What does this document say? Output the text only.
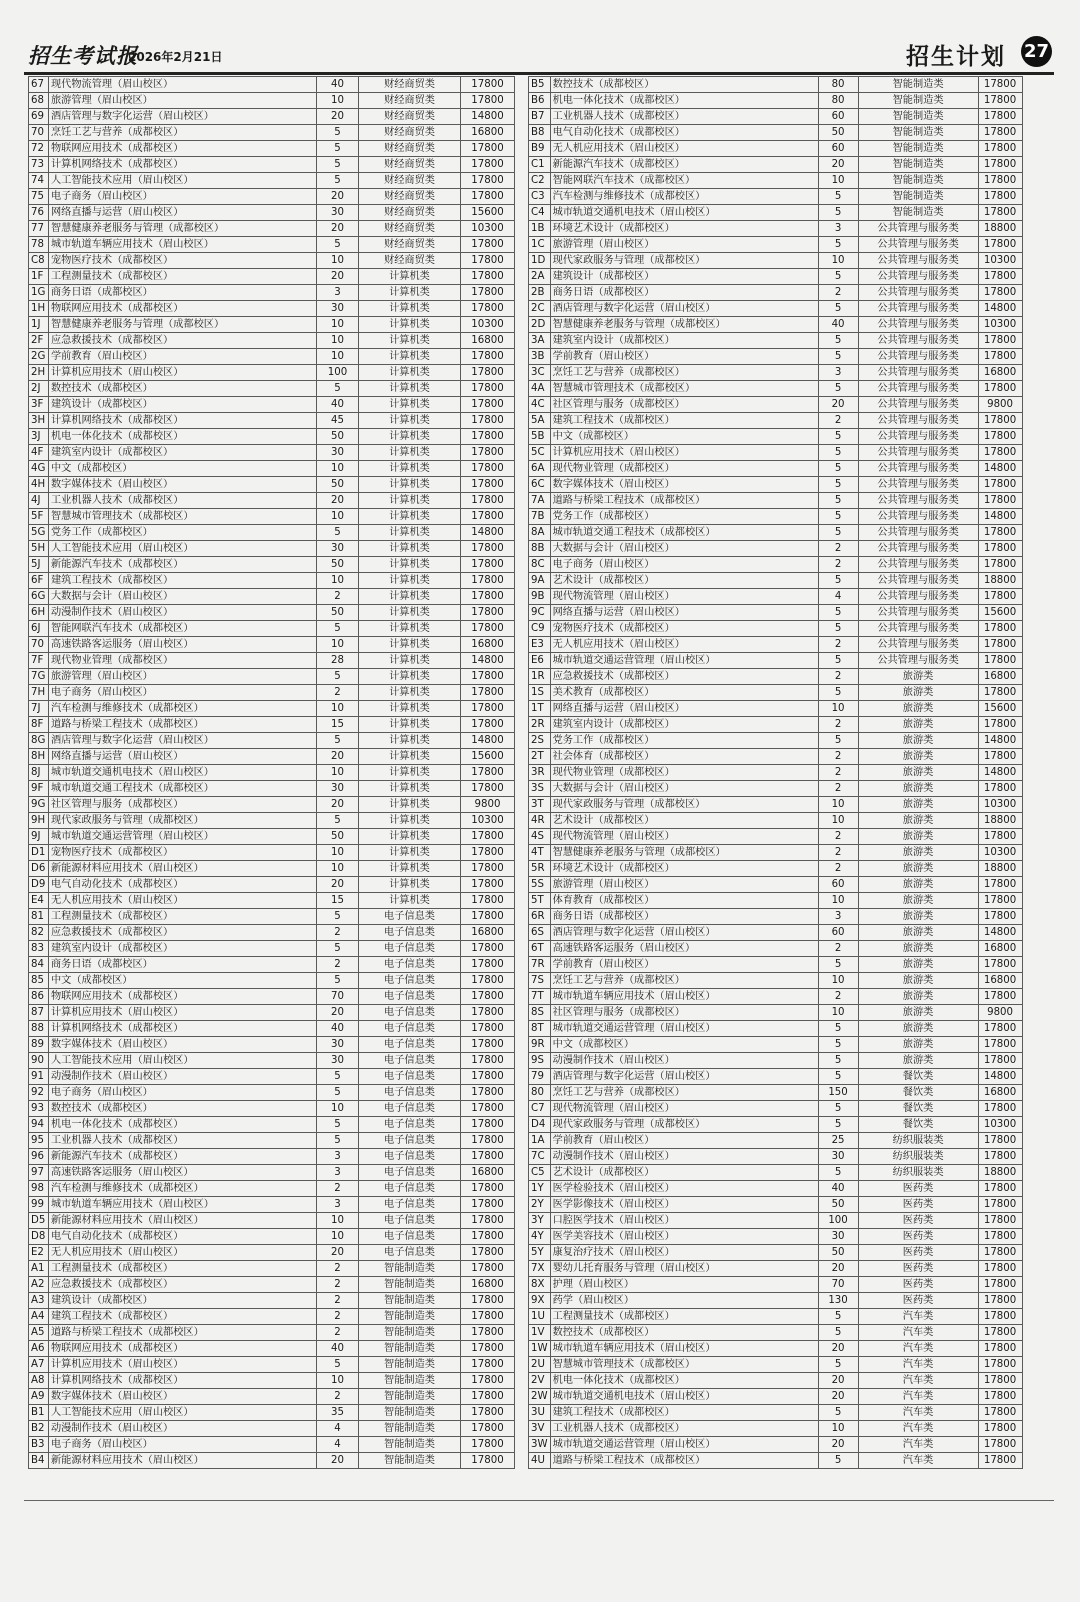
招生考试报
2026年2月21日	招生计划 27
67	现代物流管理（眉山校区）	40	财经商贸类	17800
68	旅游管理（眉山校区）	10	财经商贸类	17800
69	酒店管理与数字化运营（眉山校区）	20	财经商贸类	14800
70	烹饪工艺与营养（成都校区）	5	财经商贸类	16800
72	物联网应用技术（成都校区）	5	财经商贸类	17800
73	计算机网络技术（成都校区）	5	财经商贸类	17800
74	人工智能技术应用（眉山校区）	5	财经商贸类	17800
75	电子商务（眉山校区）	20	财经商贸类	17800
76	网络直播与运营（眉山校区）	30	财经商贸类	15600
77	智慧健康养老服务与管理（成都校区）	20	财经商贸类	10300
78	城市轨道车辆应用技术（眉山校区）	5	财经商贸类	17800
C8	宠物医疗技术（成都校区）	10	财经商贸类	17800
1F	工程测量技术（成都校区）	20	计算机类	17800
1G	商务日语（成都校区）	3	计算机类	17800
1H	物联网应用技术（成都校区）	30	计算机类	17800
1J	智慧健康养老服务与管理（成都校区）	10	计算机类	10300
2F	应急救援技术（成都校区）	10	计算机类	16800
2G	学前教育（眉山校区）	10	计算机类	17800
2H	计算机应用技术（眉山校区）	100	计算机类	17800
2J	数控技术（成都校区）	5	计算机类	17800
3F	建筑设计（成都校区）	40	计算机类	17800
3H	计算机网络技术（成都校区）	45	计算机类	17800
3J	机电一体化技术（成都校区）	50	计算机类	17800
4F	建筑室内设计（成都校区）	30	计算机类	17800
4G	中文（成都校区）	10	计算机类	17800
4H	数字媒体技术（眉山校区）	50	计算机类	17800
4J	工业机器人技术（成都校区）	20	计算机类	17800
5F	智慧城市管理技术（成都校区）	10	计算机类	17800
5G	党务工作（成都校区）	5	计算机类	14800
5H	人工智能技术应用（眉山校区）	30	计算机类	17800
5J	新能源汽车技术（成都校区）	50	计算机类	17800
6F	建筑工程技术（成都校区）	10	计算机类	17800
6G	大数据与会计（眉山校区）	2	计算机类	17800
6H	动漫制作技术（眉山校区）	50	计算机类	17800
6J	智能网联汽车技术（成都校区）	5	计算机类	17800
70	高速铁路客运服务（眉山校区）	10	计算机类	16800
7F	现代物业管理（成都校区）	28	计算机类	14800
7G	旅游管理（眉山校区）	5	计算机类	17800
7H	电子商务（眉山校区）	2	计算机类	17800
7J	汽车检测与维修技术（成都校区）	10	计算机类	17800
8F	道路与桥梁工程技术（成都校区）	15	计算机类	17800
8G	酒店管理与数字化运营（眉山校区）	5	计算机类	14800
8H	网络直播与运营（眉山校区）	20	计算机类	15600
8J	城市轨道交通机电技术（眉山校区）	10	计算机类	17800
9F	城市轨道交通工程技术（成都校区）	30	计算机类	17800
9G	社区管理与服务（成都校区）	20	计算机类	9800
9H	现代家政服务与管理（成都校区）	5	计算机类	10300
9J	城市轨道交通运营管理（眉山校区）	50	计算机类	17800
D1	宠物医疗技术（成都校区）	10	计算机类	17800
D6	新能源材料应用技术（眉山校区）	10	计算机类	17800
D9	电气自动化技术（成都校区）	20	计算机类	17800
E4	无人机应用技术（眉山校区）	15	计算机类	17800
81	工程测量技术（成都校区）	5	电子信息类	17800
82	应急救援技术（成都校区）	2	电子信息类	16800
83	建筑室内设计（成都校区）	5	电子信息类	17800
84	商务日语（成都校区）	2	电子信息类	17800
85	中文（成都校区）	5	电子信息类	17800
86	物联网应用技术（成都校区）	70	电子信息类	17800
87	计算机应用技术（眉山校区）	20	电子信息类	17800
88	计算机网络技术（成都校区）	40	电子信息类	17800
89	数字媒体技术（眉山校区）	30	电子信息类	17800
90	人工智能技术应用（眉山校区）	30	电子信息类	17800
91	动漫制作技术（眉山校区）	5	电子信息类	17800
92	电子商务（眉山校区）	5	电子信息类	17800
93	数控技术（成都校区）	10	电子信息类	17800
94	机电一体化技术（成都校区）	5	电子信息类	17800
95	工业机器人技术（成都校区）	5	电子信息类	17800
96	新能源汽车技术（成都校区）	3	电子信息类	17800
97	高速铁路客运服务（眉山校区）	3	电子信息类	16800
98	汽车检测与维修技术（成都校区）	2	电子信息类	17800
99	城市轨道车辆应用技术（眉山校区）	3	电子信息类	17800
D5	新能源材料应用技术（眉山校区）	10	电子信息类	17800
D8	电气自动化技术（成都校区）	10	电子信息类	17800
E2	无人机应用技术（眉山校区）	20	电子信息类	17800
A1	工程测量技术（成都校区）	2	智能制造类	17800
A2	应急救援技术（成都校区）	2	智能制造类	16800
A3	建筑设计（成都校区）	2	智能制造类	17800
A4	建筑工程技术（成都校区）	2	智能制造类	17800
A5	道路与桥梁工程技术（成都校区）	2	智能制造类	17800
A6	物联网应用技术（成都校区）	40	智能制造类	17800
A7	计算机应用技术（眉山校区）	5	智能制造类	17800
A8	计算机网络技术（成都校区）	10	智能制造类	17800
A9	数字媒体技术（眉山校区）	2	智能制造类	17800
B1	人工智能技术应用（眉山校区）	35	智能制造类	17800
B2	动漫制作技术（眉山校区）	4	智能制造类	17800
B3	电子商务（眉山校区）	4	智能制造类	17800
B4	新能源材料应用技术（眉山校区）	20	智能制造类	17800
B5	数控技术（成都校区）	80	智能制造类	17800
B6	机电一体化技术（成都校区）	80	智能制造类	17800
B7	工业机器人技术（成都校区）	60	智能制造类	17800
B8	电气自动化技术（成都校区）	50	智能制造类	17800
B9	无人机应用技术（眉山校区）	60	智能制造类	17800
C1	新能源汽车技术（成都校区）	20	智能制造类	17800
C2	智能网联汽车技术（成都校区）	10	智能制造类	17800
C3	汽车检测与维修技术（成都校区）	5	智能制造类	17800
C4	城市轨道交通机电技术（眉山校区）	5	智能制造类	17800
1B	环境艺术设计（成都校区）	3	公共管理与服务类	18800
1C	旅游管理（眉山校区）	5	公共管理与服务类	17800
1D	现代家政服务与管理（成都校区）	10	公共管理与服务类	10300
2A	建筑设计（成都校区）	5	公共管理与服务类	17800
2B	商务日语（成都校区）	2	公共管理与服务类	17800
2C	酒店管理与数字化运营（眉山校区）	5	公共管理与服务类	14800
2D	智慧健康养老服务与管理（成都校区）	40	公共管理与服务类	10300
3A	建筑室内设计（成都校区）	5	公共管理与服务类	17800
3B	学前教育（眉山校区）	5	公共管理与服务类	17800
3C	烹饪工艺与营养（成都校区）	3	公共管理与服务类	16800
4A	智慧城市管理技术（成都校区）	5	公共管理与服务类	17800
4C	社区管理与服务（成都校区）	20	公共管理与服务类	9800
5A	建筑工程技术（成都校区）	2	公共管理与服务类	17800
5B	中文（成都校区）	5	公共管理与服务类	17800
5C	计算机应用技术（眉山校区）	5	公共管理与服务类	17800
6A	现代物业管理（成都校区）	5	公共管理与服务类	14800
6C	数字媒体技术（眉山校区）	5	公共管理与服务类	17800
7A	道路与桥梁工程技术（成都校区）	5	公共管理与服务类	17800
7B	党务工作（成都校区）	5	公共管理与服务类	14800
8A	城市轨道交通工程技术（成都校区）	5	公共管理与服务类	17800
8B	大数据与会计（眉山校区）	2	公共管理与服务类	17800
8C	电子商务（眉山校区）	2	公共管理与服务类	17800
9A	艺术设计（成都校区）	5	公共管理与服务类	18800
9B	现代物流管理（眉山校区）	4	公共管理与服务类	17800
9C	网络直播与运营（眉山校区）	5	公共管理与服务类	15600
C9	宠物医疗技术（成都校区）	5	公共管理与服务类	17800
E3	无人机应用技术（眉山校区）	2	公共管理与服务类	17800
E6	城市轨道交通运营管理（眉山校区）	5	公共管理与服务类	17800
1R	应急救援技术（成都校区）	2	旅游类	16800
1S	美术教育（成都校区）	5	旅游类	17800
1T	网络直播与运营（眉山校区）	10	旅游类	15600
2R	建筑室内设计（成都校区）	2	旅游类	17800
2S	党务工作（成都校区）	5	旅游类	14800
2T	社会体育（成都校区）	2	旅游类	17800
3R	现代物业管理（成都校区）	2	旅游类	14800
3S	大数据与会计（眉山校区）	2	旅游类	17800
3T	现代家政服务与管理（成都校区）	10	旅游类	10300
4R	艺术设计（成都校区）	10	旅游类	18800
4S	现代物流管理（眉山校区）	2	旅游类	17800
4T	智慧健康养老服务与管理（成都校区）	2	旅游类	10300
5R	环境艺术设计（成都校区）	2	旅游类	18800
5S	旅游管理（眉山校区）	60	旅游类	17800
5T	体育教育（成都校区）	10	旅游类	17800
6R	商务日语（成都校区）	3	旅游类	17800
6S	酒店管理与数字化运营（眉山校区）	60	旅游类	14800
6T	高速铁路客运服务（眉山校区）	2	旅游类	16800
7R	学前教育（眉山校区）	5	旅游类	17800
7S	烹饪工艺与营养（成都校区）	10	旅游类	16800
7T	城市轨道车辆应用技术（眉山校区）	2	旅游类	17800
8S	社区管理与服务（成都校区）	10	旅游类	9800
8T	城市轨道交通运营管理（眉山校区）	5	旅游类	17800
9R	中文（成都校区）	5	旅游类	17800
9S	动漫制作技术（眉山校区）	5	旅游类	17800
79	酒店管理与数字化运营（眉山校区）	5	餐饮类	14800
80	烹饪工艺与营养（成都校区）	150	餐饮类	16800
C7	现代物流管理（眉山校区）	5	餐饮类	17800
D4	现代家政服务与管理（成都校区）	5	餐饮类	10300
1A	学前教育（眉山校区）	25	纺织服装类	17800
7C	动漫制作技术（眉山校区）	30	纺织服装类	17800
C5	艺术设计（成都校区）	5	纺织服装类	18800
1Y	医学检验技术（眉山校区）	40	医药类	17800
2Y	医学影像技术（眉山校区）	50	医药类	17800
3Y	口腔医学技术（眉山校区）	100	医药类	17800
4Y	医学美容技术（眉山校区）	30	医药类	17800
5Y	康复治疗技术（眉山校区）	50	医药类	17800
7X	婴幼儿托育服务与管理（眉山校区）	20	医药类	17800
8X	护理（眉山校区）	70	医药类	17800
9X	药学（眉山校区）	130	医药类	17800
1U	工程测量技术（成都校区）	5	汽车类	17800
1V	数控技术（成都校区）	5	汽车类	17800
1W	城市轨道车辆应用技术（眉山校区）	20	汽车类	17800
2U	智慧城市管理技术（成都校区）	5	汽车类	17800
2V	机电一体化技术（成都校区）	20	汽车类	17800
2W	城市轨道交通机电技术（眉山校区）	20	汽车类	17800
3U	建筑工程技术（成都校区）	5	汽车类	17800
3V	工业机器人技术（成都校区）	10	汽车类	17800
3W	城市轨道交通运营管理（眉山校区）	20	汽车类	17800
4U	道路与桥梁工程技术（成都校区）	5	汽车类	17800
